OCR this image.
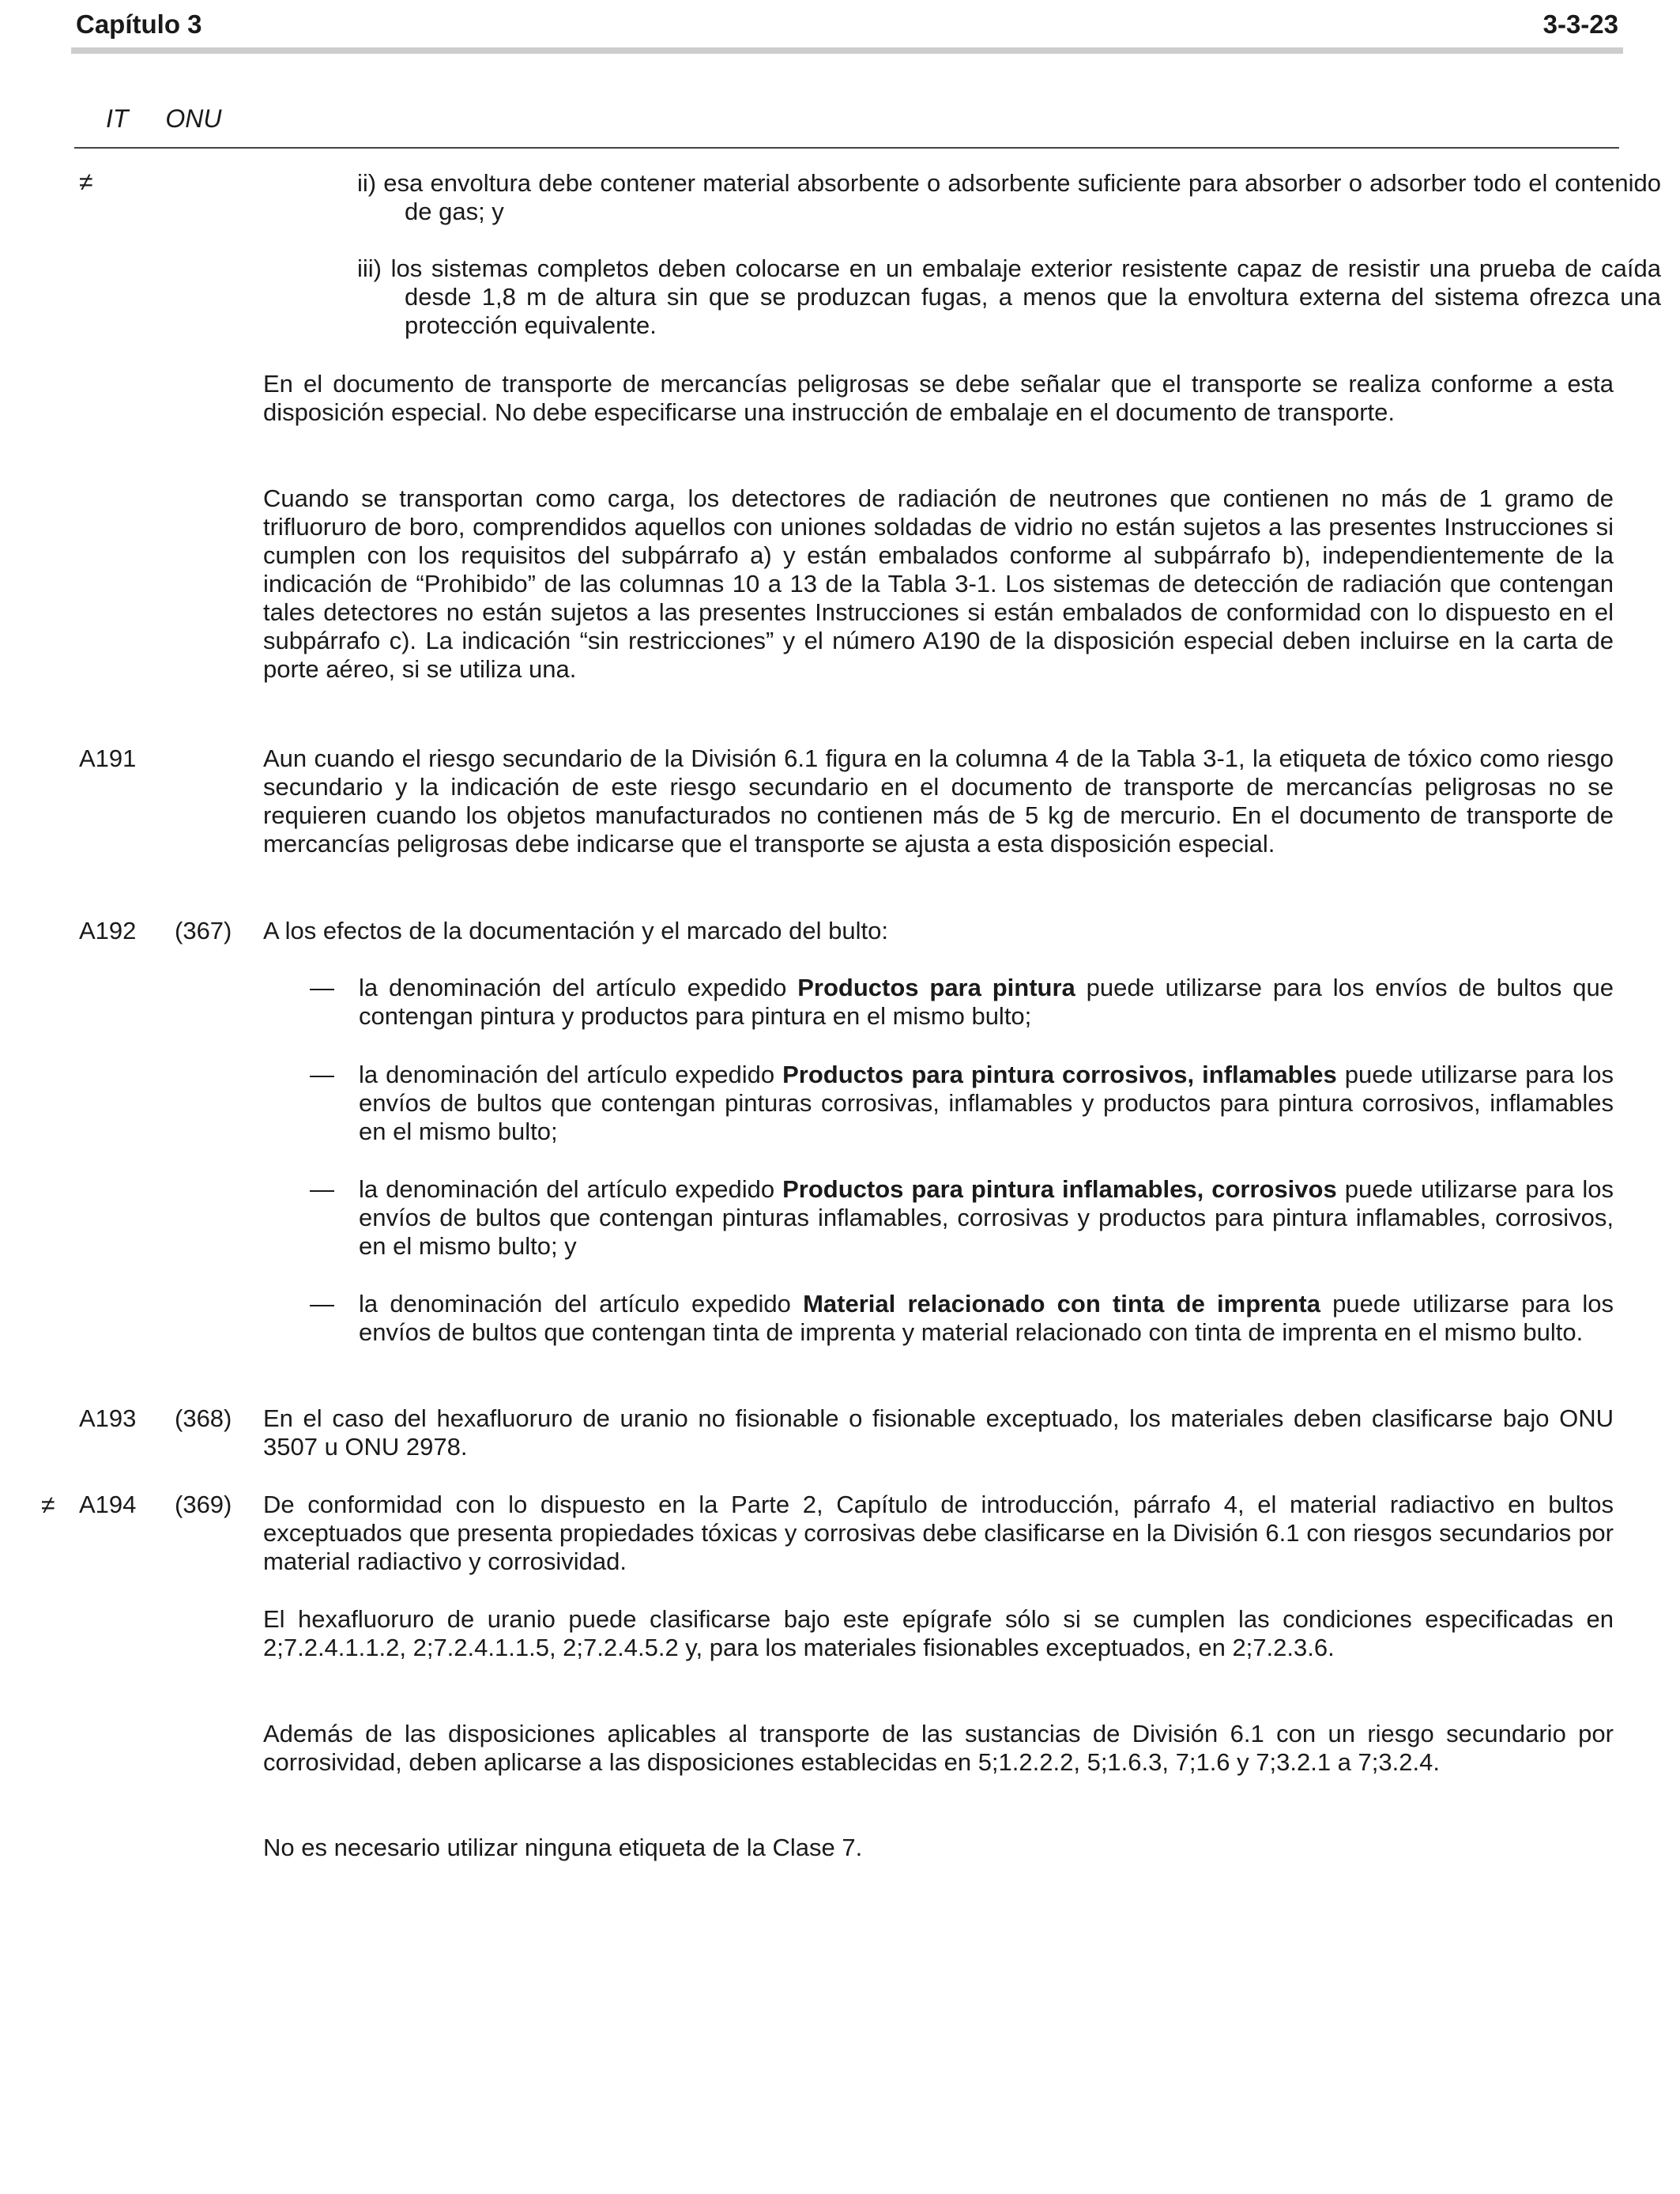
Capítulo 3	3-3-23
IT ONU
≠	ii) esa envoltura debe contener material absorbente o adsorbente suficiente para absorber o adsorber todo el contenido de gas; y
iii) los sistemas completos deben colocarse en un embalaje exterior resistente capaz de resistir una prueba de caída desde 1,8 m de altura sin que se produzcan fugas, a menos que la envoltura externa del sistema ofrezca una protección equivalente.
En el documento de transporte de mercancías peligrosas se debe señalar que el transporte se realiza conforme a esta disposición especial. No debe especificarse una instrucción de embalaje en el documento de transporte.
Cuando se transportan como carga, los detectores de radiación de neutrones que contienen no más de 1 gramo de trifluoruro de boro, comprendidos aquellos con uniones soldadas de vidrio no están sujetos a las presentes Instrucciones si cumplen con los requisitos del subpárrafo a) y están embalados conforme al subpárrafo b), independientemente de la indicación de “Prohibido” de las columnas 10 a 13 de la Tabla 3-1. Los sistemas de detección de radiación que contengan tales detectores no están sujetos a las presentes Instrucciones si están embalados de conformidad con lo dispuesto en el subpárrafo c). La indicación “sin restricciones” y el número A190 de la disposición especial deben incluirse en la carta de porte aéreo, si se utiliza una.
A191	Aun cuando el riesgo secundario de la División 6.1 figura en la columna 4 de la Tabla 3-1, la etiqueta de tóxico como riesgo secundario y la indicación de este riesgo secundario en el documento de transporte de mercancías peligrosas no se requieren cuando los objetos manufacturados no contienen más de 5 kg de mercurio. En el documento de transporte de mercancías peligrosas debe indicarse que el transporte se ajusta a esta disposición especial.
A192 (367) A los efectos de la documentación y el marcado del bulto:
— la denominación del artículo expedido Productos para pintura puede utilizarse para los envíos de bultos que contengan pintura y productos para pintura en el mismo bulto;
— la denominación del artículo expedido Productos para pintura corrosivos, inflamables puede utilizarse para los envíos de bultos que contengan pinturas corrosivas, inflamables y productos para pintura corrosivos, inflamables en el mismo bulto;
— la denominación del artículo expedido Productos para pintura inflamables, corrosivos puede utilizarse para los envíos de bultos que contengan pinturas inflamables, corrosivas y productos para pintura inflamables, corrosivos, en el mismo bulto; y
— la denominación del artículo expedido Material relacionado con tinta de imprenta puede utilizarse para los envíos de bultos que contengan tinta de imprenta y material relacionado con tinta de imprenta en el mismo bulto.
A193 (368) En el caso del hexafluoruro de uranio no fisionable o fisionable exceptuado, los materiales deben clasificarse bajo ONU 3507 u ONU 2978.
≠ A194 (369) De conformidad con lo dispuesto en la Parte 2, Capítulo de introducción, párrafo 4, el material radiactivo en bultos exceptuados que presenta propiedades tóxicas y corrosivas debe clasificarse en la División 6.1 con riesgos secundarios por material radiactivo y corrosividad.
El hexafluoruro de uranio puede clasificarse bajo este epígrafe sólo si se cumplen las condiciones especificadas en 2;7.2.4.1.1.2, 2;7.2.4.1.1.5, 2;7.2.4.5.2 y, para los materiales fisionables exceptuados, en 2;7.2.3.6.
Además de las disposiciones aplicables al transporte de las sustancias de División 6.1 con un riesgo secundario por corrosividad, deben aplicarse a las disposiciones establecidas en 5;1.2.2.2, 5;1.6.3, 7;1.6 y 7;3.2.1 a 7;3.2.4.
No es necesario utilizar ninguna etiqueta de la Clase 7.
